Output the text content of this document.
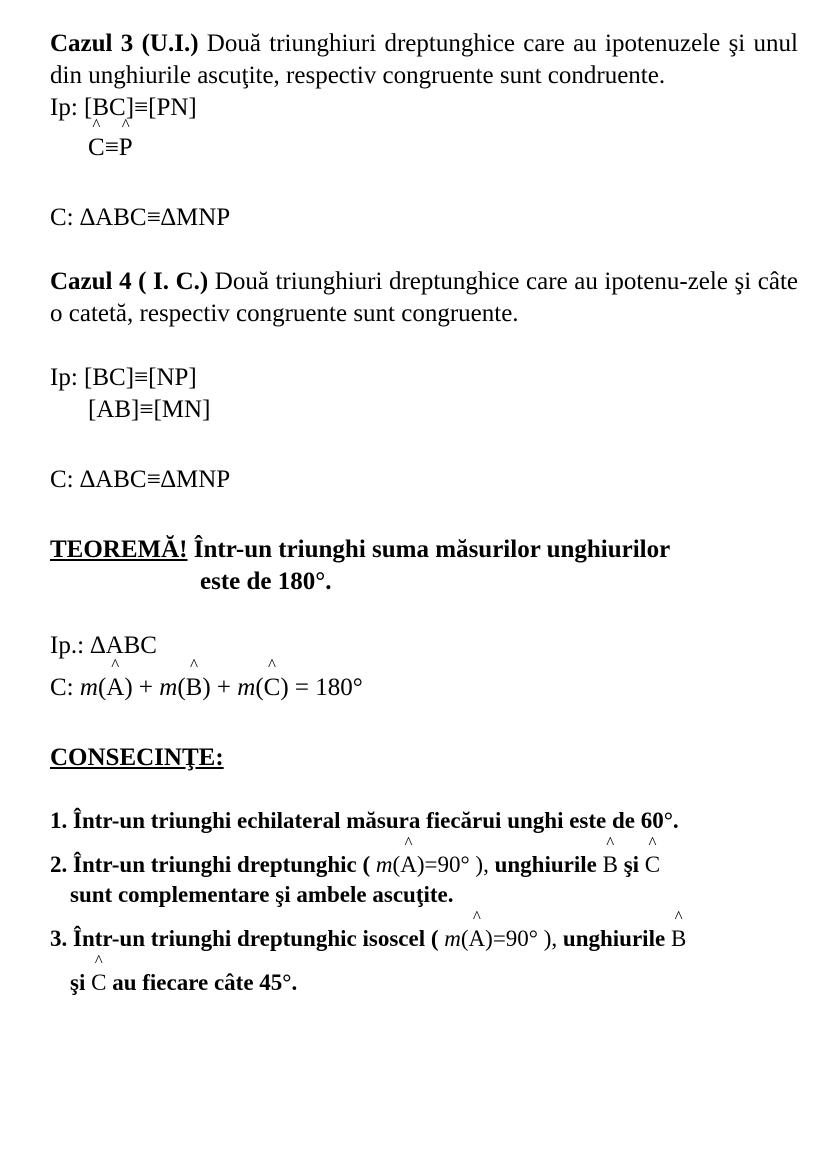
Cazul 3 (U.I.) Două triunghiuri dreptunghice care au ipotenuzele şi unul din unghiurile ascuţite, respectiv congruente sunt condruente.

Ip: [BC]≡[PN]
^ C≡^ P
C: ∆ABC≡∆MNP

Cazul 4 ( I. C.) Două triunghiuri dreptunghice care au ipotenu-zele şi câte o catetă, respectiv congruente sunt congruente.

Ip: [BC]≡[NP]
[AB]≡[MN]
C: ∆ABC≡∆MNP
TEOREMĂ! Într-un triunghi suma măsurilor unghiurilor
este de 180°.
Ip.: ∆ABC
C: m(^ A) + m(^ B) + m(^ C) = 180°
CONSECINŢE:
1. Într-un triunghi echilateral măsura fiecărui unghi este de 60°.
2. Într-un triunghi dreptunghic ( m(^ A)=90° ), unghiurile ^ B şi ^ C
sunt complementare şi ambele ascuţite.
3. Într-un triunghi dreptunghic isoscel ( m(^ A)=90° ), unghiurile ^ B
şi ^ C au fiecare câte 45°.
